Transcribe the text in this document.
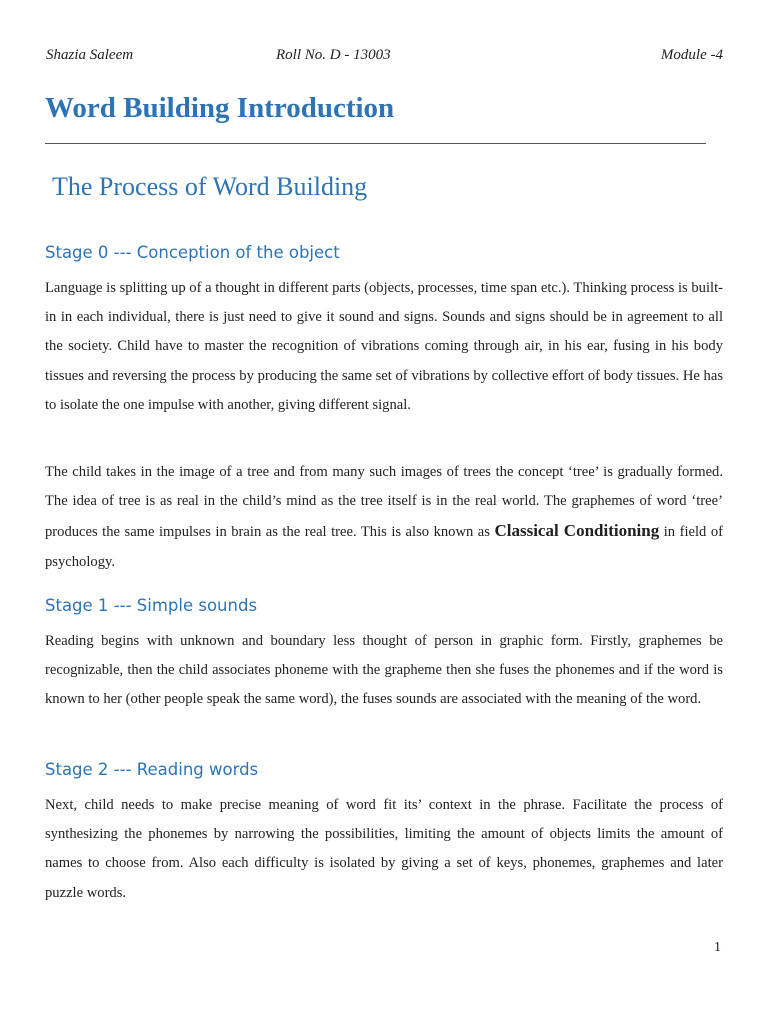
Shazia Saleem	Roll No. D - 13003	Module -4
Word Building Introduction
The Process of Word Building
Stage 0 --- Conception of the object

Language is splitting up of a thought in different parts (objects, processes, time span etc.). Thinking process is built-in in each individual, there is just need to give it sound and signs. Sounds and signs should be in agreement to all the society. Child have to master the recognition of vibrations coming through air, in his ear, fusing in his body tissues and reversing the process by producing the same set of vibrations by collective effort of body tissues. He has to isolate the one impulse with another, giving different signal.

The child takes in the image of a tree and from many such images of trees the concept ‘tree’ is gradually formed. The idea of tree is as real in the child’s mind as the tree itself is in the real world. The graphemes of word ‘tree’ produces the same impulses in brain as the real tree. This is also known as Classical Conditioning in field of psychology.

Stage 1 --- Simple sounds

Reading begins with unknown and boundary less thought of person in graphic form. Firstly, graphemes be recognizable, then the child associates phoneme with the grapheme then she fuses the phonemes and if the word is known to her (other people speak the same word), the fuses sounds are associated with the meaning of the word.

Stage 2 --- Reading words

Next, child needs to make precise meaning of word fit its’ context in the phrase. Facilitate the process of synthesizing the phonemes by narrowing the possibilities, limiting the amount of objects limits the amount of names to choose from. Also each difficulty is isolated by giving a set of keys, phonemes, graphemes and later puzzle words.

1
